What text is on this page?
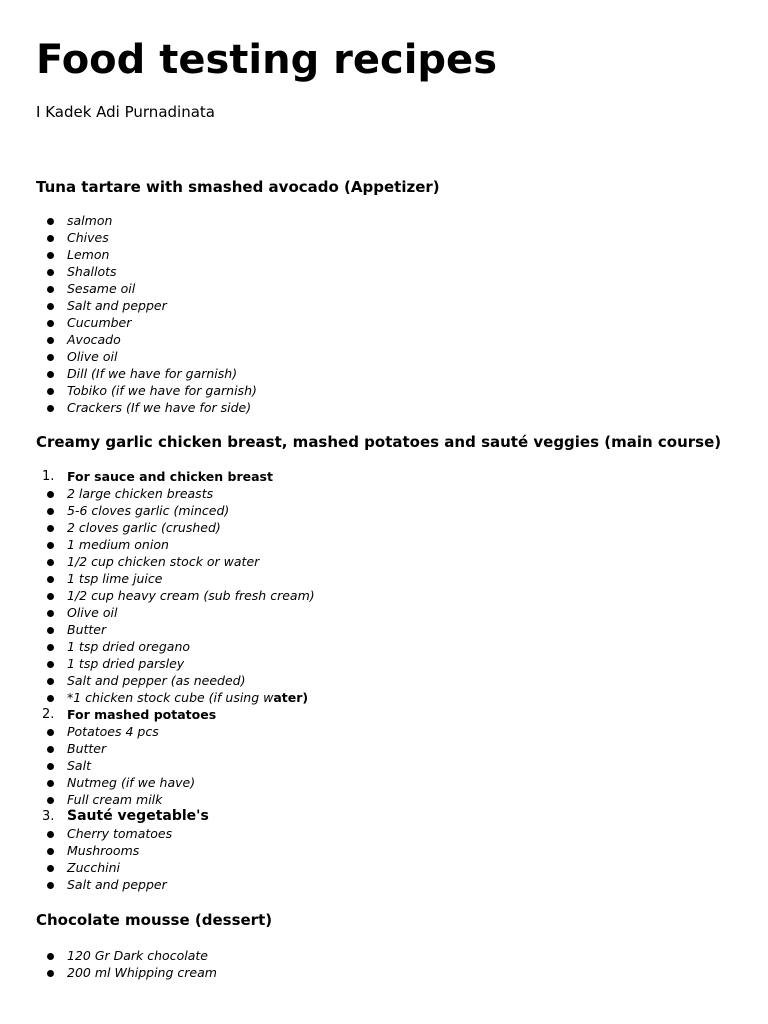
Food testing recipes
I Kadek Adi Purnadinata
Tuna tartare with smashed avocado (Appetizer)
salmon
Chives
Lemon
Shallots
Sesame oil
Salt and pepper
Cucumber
Avocado
Olive oil
Dill (If we have for garnish)
Tobiko (if we have for garnish)
Crackers (If we have for side)
Creamy garlic chicken breast, mashed potatoes and sauté veggies (main course)
1. For sauce and chicken breast
2 large chicken breasts
5-6 cloves garlic (minced)
2 cloves garlic (crushed)
1 medium onion
1/2 cup chicken stock or water
1 tsp lime juice
1/2 cup heavy cream (sub fresh cream)
Olive oil
Butter
1 tsp dried oregano
1 tsp dried parsley
Salt and pepper (as needed)
*1 chicken stock cube (if using water)
2. For mashed potatoes
Potatoes 4 pcs
Butter
Salt
Nutmeg (if we have)
Full cream milk
3. Sauté vegetable's
Cherry tomatoes
Mushrooms
Zucchini
Salt and pepper
Chocolate mousse (dessert)
120 Gr Dark chocolate
200 ml Whipping cream
